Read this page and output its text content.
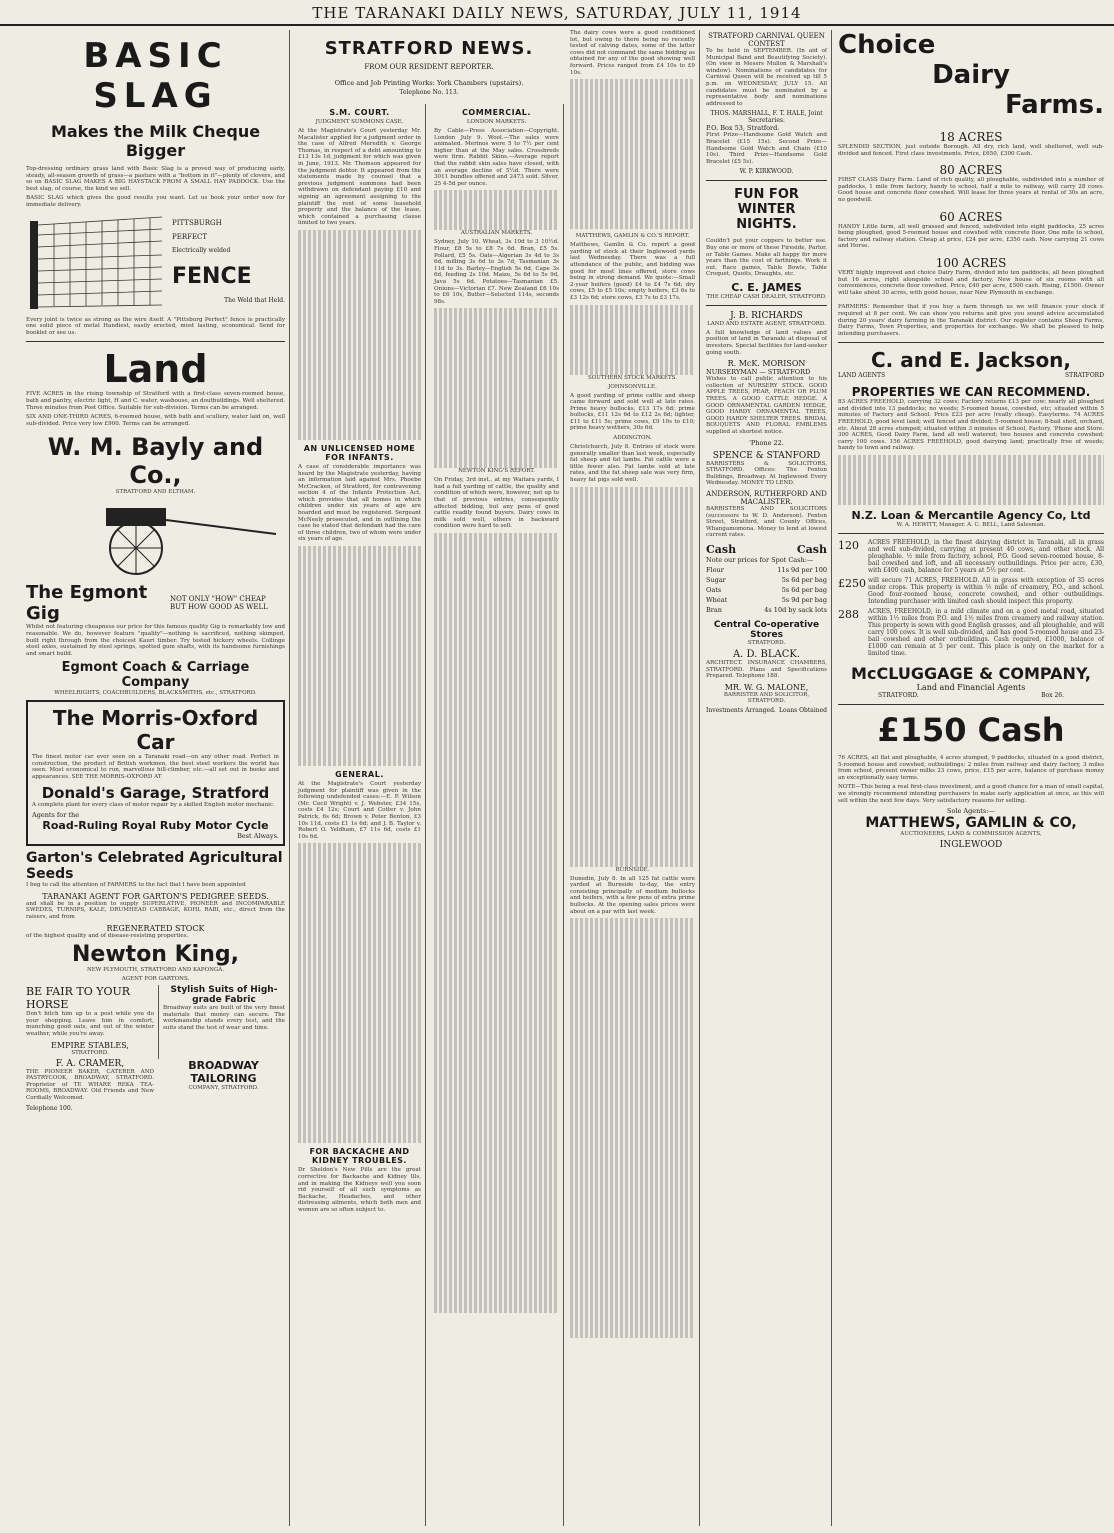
THE TARANAKI DAILY NEWS, SATURDAY, JULY 11, 1914
BASIC SLAG
Makes the Milk Cheque Bigger

Top-dressing ordinary grass land with Basic Slag is a proved way of producing early, steady, all-season growth of grass—a pasture with a "bottom in it"—plenty of clovers, and so on BASIC SLAG MAKES A BIG HAYSTACK FROM A SMALL HAY PADDOCK. Use the best slag, of course, the kind we sell.

BASIC SLAG which gives the good results you want. Let us book your order now for immediate delivery.

PITTSBURGH
PERFECT
Electrically welded
FENCE
The Weld that Held.

Every joint is twice as strong as the wire itself. A "Pittsburg Perfect" fence is practically one solid piece of metal Handiest, easily erected, most lasting, economical. Send for booklet or see us.

Land

FIVE ACRES in the rising township of Stratford with a first-class seven-roomed house, bath and pantry, electric light, H and C. water, washouse, an doutbuildings. Well sheltered. Three minutes from Post Office. Suitable for sub-division. Terms can be arranged.

SIX AND ONE-THIRD ACRES, 6-roomed house, with bath and scullery, water laid on, well sub-divided. Price very low £900. Terms can be arranged.

W. M. Bayly and Co.,
STRATFORD AND ELTHAM.
The Egmont Gig
NOT ONLY "HOW" CHEAP
BUT HOW GOOD AS WELL

Whilst not featuring cheapness our price for this famous quality Gig is remarkably low and reasonable. We do, however feature "quality"—nothing is sacrificed, nothing skimped, built right through from the choicest Kauri timber. Try tested hickory wheels. Collinge steel axles, sustained by steel springs, spotted gum shafts, with its handsome furnishings and smart build.

Egmont Coach & Carriage Company
WHEELRIGHTS, COACHBUILDERS, BLACKSMITHS, etc., STRATFORD.
The Morris-Oxford Car

The finest motor car ever seen on a Taranaki road—on any other road. Perfect in construction, the product of British workmen, the best steel workers the world has seen. Most economical to run, marvellous hill-climber, etc.—all set out in books and appearances. SEE THE MORRIS-OXFORD AT

Donald's Garage, Stratford

A complete plant for every class of motor repair by a skilled English motor mechanic.

Agents for the
Road-Ruling Royal Ruby Motor Cycle
Best Always.
Garton's Celebrated Agricultural Seeds

I beg to call the attention of FARMERS to the fact that I have been appointed

TARANAKI AGENT FOR GARTON'S PEDIGREE SEEDS.

and shall be in a position to supply SUPERLATIVE, PIONEER and INCOMPARABLE SWEDES, TURNIPS, KALE, DRUMHEAD CABBAGE, KOHL RABI, etc., direct from the raisers, and from

REGENERATED STOCK

of the highest quality and of disease-resisting properties.

Newton King,
NEW PLYMOUTH, STRATFORD AND KAPONGA.
AGENT FOR GARTONS.
BE FAIR TO YOUR HORSE

Don't hitch him up to a post while you do your shopping. Leave him in comfort, munching good oats, and out of the winter weather, while you're away.

EMPIRE STABLES,
STRATFORD.
Stylish Suits of High-grade Fabric

Broadway suits are built of the very finest materials that money can secure. The workmanship stands every test, and the suits stand the test of wear and time.

F. A. CRAMER,

THE PIONEER BAKER, CATERER AND PASTRYCOOK, BROADWAY, STRATFORD. Proprietor of TE WHARE REKA TEA-ROOMS, BROADWAY. Old Friends and New Cordially Welcomed.

Telephone 100.
BROADWAY TAILORING
COMPANY, STRATFORD.
STRATFORD NEWS.
FROM OUR RESIDENT REPORTER.
Office and Job Printing Works: York Chambers (upstairs).
Telephone No. 113.
S.M. COURT.
JUDGMENT SUMMONS CASE.

At the Magistrate's Court yesterday Mr. Macalister applied for a judgment order in the case of Alfred Meredith v. George Thomas, in respect of a debt amounting to £13 13s 1d, judgment for which was given in June, 1913. Mr. Thomson appeared for the judgment debtor. It appeared from the statements made by counsel that a previous judgment summons had been withdrawn on defendant paying £10 and signing an agreement assigning to the plaintiff the rent of some leasehold property and the balance of the lease, which contained a purchasing clause limited to two years.

AN UNLICENSED HOME FOR INFANTS.

A case of considerable importance was heard by the Magistrate yesterday, having an information laid against Mrs. Phoebe McCracken, of Stratford, for contravening section 4 of the Infants Protection Act, which provides that all homes in which children under six years of age are boarded and must be registered. Sergeant McNeely prosecuted, and in outlining the case he stated that defendant had the care of three children, two of whom were under six years of age.

GENERAL.

At the Magistrate's Court yesterday judgment for plaintiff was given in the following undefended cases:—E. P. Wilson (Mr. Cecil Wright) v. J. Webster, £34 15s, costs £4 12s; Court and Cotter v. John Patrick, 6s 6d; Brown v. Peter Benton, £3 10s 11d, costs £1 1s 6d; and J. B. Taylor v. Robert O. Yeldham, £7 11s 6d, costs £1 10s 6d.

FOR BACKACHE AND KIDNEY TROUBLES.

Dr Sheldon's New Pills are the great corrective for Backache and Kidney Ills, and in making the Kidneys well you soon rid yourself of all such symptoms as Backache, Headaches, and other distressing ailments, which both men and women are so often subject to.

COMMERCIAL.
LONDON MARKETS.

By Cable—Press Association—Copyright. London July 9. Wool.—The sales were animated. Merinos were 5 to 7½ per cent higher than at the May sales. Crossbreds were firm. Rabbit Skins.—Average report that the rabbit skin sales have closed, with an average decline of 5½d. There were 3011 bundles offered and 2473 sold. Silver, 25 4-5d per ounce.

AUSTRALIAN MARKETS.

Sydney, July 10. Wheat, 3s 10d to 3 10½d. Flour, £8 5s to £8 7s 6d. Bran, £5 5s. Pollard, £5 5s. Oats—Algerian 3s 4d to 3s 6d, milling 3s 6d to 3s 7d, Tasmanian 3s 11d to 3s. Barley—English 5s 6d, Cape 3s 6d, feeding 2s 10d. Maize, 5s 6d to 5s 9d, Java 5s 6d. Potatoes—Tasmanian £5. Onions—Victorian £7. New Zealand £6 10s to £6 10s, Butter—Selected 114s, seconds 98s.

NEWTON KING'S REPORT.

On Friday, 3rd inst., at my Waitara yards, I had a full yarding of cattle, the quality and condition of which were, however, not up to that of previous entries, consequently affected bidding, but any pens of good cattle readily found buyers. Dairy cows in milk sold well, others in backward condition were hard to sell.

The dairy cows were a good conditioned lot, but owing to there being no recently tested of calving dates, some of the latter cows did not command the same bidding as obtained for any of the good showing well forward. Prices ranged from £4 10s to £9 10s.

MATTHEWS, GAMLIN & CO.'S REPORT.

Matthews, Gamlin & Co. report a good yarding of stock at their Inglewood yards last Wednesday. There was a full attendance of the public, and bidding was good for most lines offered, store cows being in strong demand. We quote:—Small 2-year heifers (good) £4 to £4 7s 6d; dry cows, £5 to £5 10s; empty heifers, £3 6s to £3 12s 6d; store cows, £3 7s to £3 17s.

SOUTHERN STOCK MARKETS.
JOHNSONVILLE.

A good yarding of prime cattle and sheep came forward and sold well at late rates. Prime heavy bullocks, £13 17s 6d; prime bullocks, £11 12s 6d to £12 2s 6d; lighter, £11 to £11 5s; prime cows, £9 10s to £10; prime heavy wethers, 30s 6d.

ADDINGTON.

Christchurch, July 8. Entries of stock were generally smaller than last week, especially fat sheep and fat lambs. Fat cattle were a little fewer also. Fat lambs sold at late rates, and the fat sheep sale was very firm, heavy fat pigs sold well.

BURNSIDE.

Dunedin, July 8. In all 125 fat cattle were yarded at Burnside to-day, the entry consisting principally of medium bullocks and heifers, with a few pens of extra prime bullocks. At the opening sales prices were about on a par with last week.

STRATFORD CARNIVAL QUEEN CONTEST

To be held in SEPTEMBER. (In aid of Municipal Band and Beautifying Society). (On view in Messrs Mullon & Marshall's window). Nominations of candidates for Carnival Queen will be received up till 5 p.m. on WEDNESDAY, JULY 15. All candidates must be nominated by a representative body and nominations addressed to

THOS. MARSHALL, F. T. HALE, Joint Secretaries.
P.O. Box 53, Stratford.

First Prize—Handsome Gold Watch and Bracelet (£15 15s). Second Prize—Handsome Gold Watch and Chain (£10 10s). Third Prize—Handsome Gold Bracelet (£5 5s).

W. P. KIRKWOOD.
FUN FOR WINTER NIGHTS.

Couldn't put your coppers to better use. Buy one or more of these Fireside, Parlor, or Table Games. Make all happy for more years than the cost of farthings. Work it out. Race games, Table Bowls, Table Croquet, Quoits, Draughts, etc.

C. E. JAMES
THE CHEAP CASH DEALER, STRATFORD.
J. B. RICHARDS
LAND AND ESTATE AGENT, STRATFORD.

A full knowledge of land values and position of land in Taranaki at disposal of investors. Special facilities for land-seeker going south.

R. McK. MORISON
NURSERYMAN — STRATFORD

Wishes to call public attention to his collection of NURSERY STOCK. GOOD APPLE TREES, PEAR, PEACH OR PLUM TREES. A GOOD CATTLE HEDGE. A GOOD ORNAMENTAL GARDEN HEDGE, GOOD HARDY ORNAMENTAL TREES, GOOD HARDY SHELTER TREES. BRIDAL BOUQUETS AND FLORAL EMBLEMS supplied at shortest notice.

'Phone 22.
SPENCE & STANFORD

BARRISTERS & SOLICITORS, STRATFORD. Offices: The Fenton Buildings, Broadway. At Inglewood Every Wednesday. MONEY TO LEND.

ANDERSON, RUTHERFORD AND MACALISTER.

BARRISTERS AND SOLICITORS (successors to W. D. Anderson). Fenton Street, Stratford, and County Offices, Whangamomona. Money to lend at lowest current rates.

Cash	Cash
Note our prices for Spot Cash:—
Flour	11s 9d per 100
Sugar	5s 6d per bag
Oats	5s 6d per bag
Wheat	5s 9d per bag
Bran	4s 10d by sack lots
Central Co-operative Stores
STRATFORD.
A. D. BLACK.

ARCHITECT. INSURANCE CHAMBERS, STRATFORD. Plans and Specifications Prepared. Telephone 188.

MR. W. G. MALONE,
BARRISTER AND SOLICITOR, STRATFORD.
Investments Arranged. Loans Obtained
Choice
Dairy
Farms.
18 ACRES

SPLENDID SECTION, just outside Borough. All dry, rich land, well sheltered, well sub-divided and fenced. First class investments. Price, £650, £300 Cash.

80 ACRES

FIRST CLASS Dairy Farm. Land of rich quality, all ploughable, subdivided into a number of paddocks, 1 mile from factory, handy to school, half a mile to railway, will carry 28 cows. Good house and concrete floor cowshed. Will lease for three years at rental of 30s an acre, no goodwill.

60 ACRES

HANDY Little farm, all well grassed and fenced, subdivided into eight paddocks, 25 acres being ploughed, good 5-roomed house and cowshed with concrete floor. One mile to school, factory and railway station. Cheap at price, £24 per acre, £350 cash. Now carrying 21 cows and Horse.

100 ACRES

VERY highly improved and choice Dairy Farm, divided into ten paddocks, all been ploughed but 16 acres, right alongside school and factory. New house of six rooms with all conveniences, concrete floor cowshed. Price, £40 per acre, £500 cash. Rising, £1500. Owner will take about 30 acres, with good house, near New Plymouth in exchange.

FARMERS: Remember that if you buy a farm through us we will finance your stock if required at 8 per cent. We can show you returns and give you sound advice accumulated during 20 years' dairy farming in the Taranaki district. Our register contains Sheep Farms, Dairy Farms, Town Properties, and properties for exchange. We shall be pleased to help intending purchasers.

C. and E. Jackson,
LAND AGENTS	STRATFORD
PROPERTIES WE CAN RECOMMEND.

83 ACRES FREEHOLD, carrying 32 cows; Factory returns £13 per cow; nearly all ploughed and divided into 13 paddocks; no weeds; 5-roomed house, cowshed, etc; situated within 5 minutes of Factory and School. Price £23 per acre (really cheap). Easyterms. 74 ACRES FREEHOLD, good level land; well fenced and divided; 5-roomed house; 8-bail shed, orchard, etc. About 28 acres stumped; situated within 3 minutes of School, Factory, 'Phone and Store. 300 ACRES, Good Dairy Farm, land all well watered; two houses and concrete cowshed; carry 100 cows. 156 ACRES FREEHOLD, good dairying land; practically free of weeds; handy to town and railway.

N.Z. Loan & Mercantile Agency Co, Ltd
W. A. HEWITT, Manager. A. C. BELL, Land Salesman.
120	ACRES FREEHOLD, in the finest dairying district in Taranaki, all in grass and well sub-divided, carrying at present 40 cows, and other stock. All ploughable. ½ mile from factory, school, P.O. Good seven-roomed house, 8-bail cowshed and loft, and all necessary outbuildings. Price per acre, £30, with £400 cash, balance for 5 years at 5½ per cent.

£250 will secure 71 ACRES, FREEHOLD. All in grass with exception of 35 acres under crops. This property is within ½ mile of creamery, P.O., and school. Good four-roomed house, concrete cowshed, and other outbuildings. Intending purchaser with limited cash should inspect this property.

288	ACRES, FREEHOLD, in a mild climate and on a good metal road, situated within 1½ miles from P.O. and 1½ miles from creamery and railway station. This property is sown with good English grasses, and all ploughable, and will carry 100 cows. It is well sub-divided, and has good 5-roomed house and 23-bail cowshed and other outbuildings. Cash required, £1000, balance of £1000 can remain at 5 per cent. This place is only on the market for a limited time.

McCLUGGAGE & COMPANY,
Land and Financial Agents
STRATFORD.	Box 26.
£150 Cash

76 ACRES, all flat and ploughable, 4 acres stumped, 9 paddocks, situated in a good district, 5-roomed house and cowshed, outbuildings; 2 miles from railway and dairy factory, 3 miles from school, present owner milks 23 cows, price, £15 per acre, balance of purchase money an exceptionally easy terms.

NOTE—This being a real first-class investment, and a good chance for a man of small capital, we strongly recommend intending purchasers to make early application at once, as this will sell within the next few days. Very satisfactory reasons for selling.

Sole Agents:—
MATTHEWS, GAMLIN & CO,
AUCTIONEERS, LAND & COMMISSION AGENTS,
INGLEWOOD
